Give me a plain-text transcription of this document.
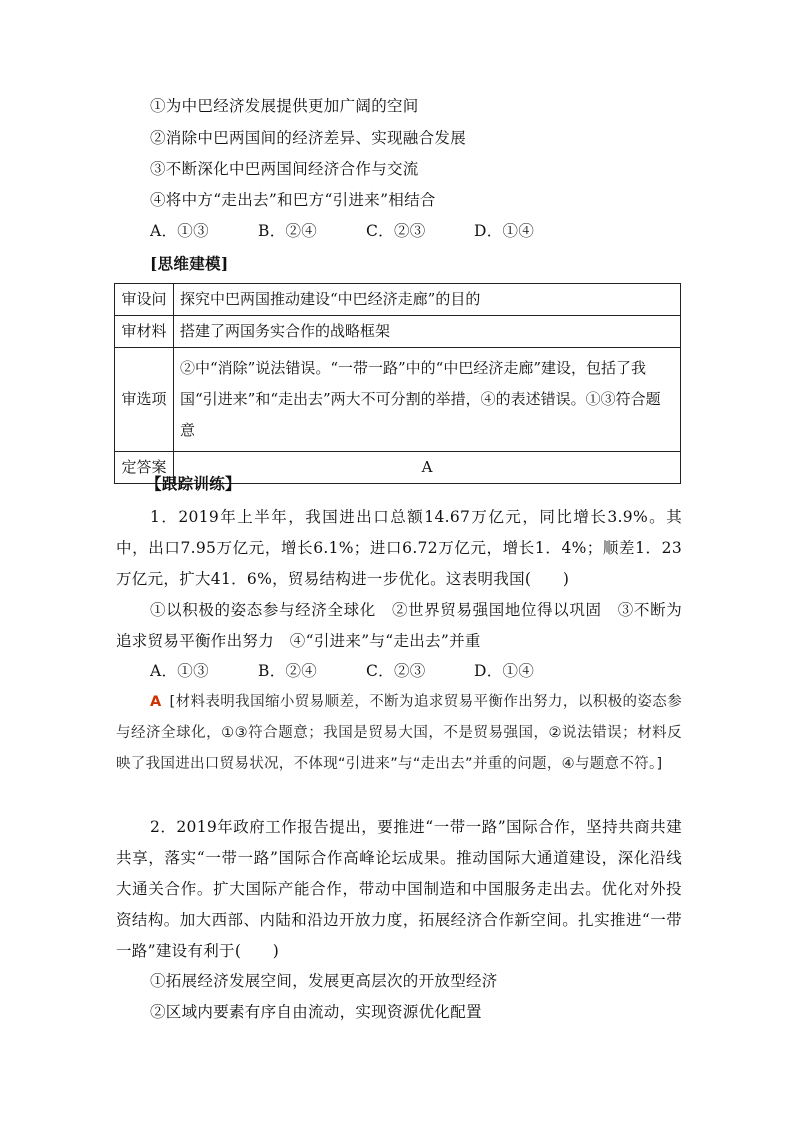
①为中巴经济发展提供更加广阔的空间
②消除中巴两国间的经济差异、实现融合发展
③不断深化中巴两国间经济合作与交流
④将中方“走出去”和巴方“引进来”相结合
A．①③	B．②④	C．②③	D．①④
[思维建模]
审设问	探究中巴两国推动建设“中巴经济走廊”的目的
审材料	搭建了两国务实合作的战略框架
审选项	②中“消除”说法错误。“一带一路”中的“中巴经济走廊”建设，包括了我国“引进来”和“走出去”两大不可分割的举措，④的表述错误。①③符合题意
定答案	A
【跟踪训练】
1．2019年上半年，我国进出口总额14.67万亿元，同比增长3.9%。其中，出口7.95万亿元，增长6.1%；进口6.72万亿元，增长1．4%；顺差1．23万亿元，扩大41．6%，贸易结构进一步优化。这表明我国(　　)
①以积极的姿态参与经济全球化　②世界贸易强国地位得以巩固　③不断为追求贸易平衡作出努力　④“引进来”与“走出去”并重
A．①③	B．②④	C．②③	D．①④
A [材料表明我国缩小贸易顺差，不断为追求贸易平衡作出努力，以积极的姿态参与经济全球化，①③符合题意；我国是贸易大国，不是贸易强国，②说法错误；材料反映了我国进出口贸易状况，不体现“引进来”与“走出去”并重的问题，④与题意不符。]
2．2019年政府工作报告提出，要推进“一带一路”国际合作，坚持共商共建共享，落实“一带一路”国际合作高峰论坛成果。推动国际大通道建设，深化沿线大通关合作。扩大国际产能合作，带动中国制造和中国服务走出去。优化对外投资结构。加大西部、内陆和沿边开放力度，拓展经济合作新空间。扎实推进“一带一路”建设有利于(　　)
①拓展经济发展空间，发展更高层次的开放型经济
②区域内要素有序自由流动，实现资源优化配置
